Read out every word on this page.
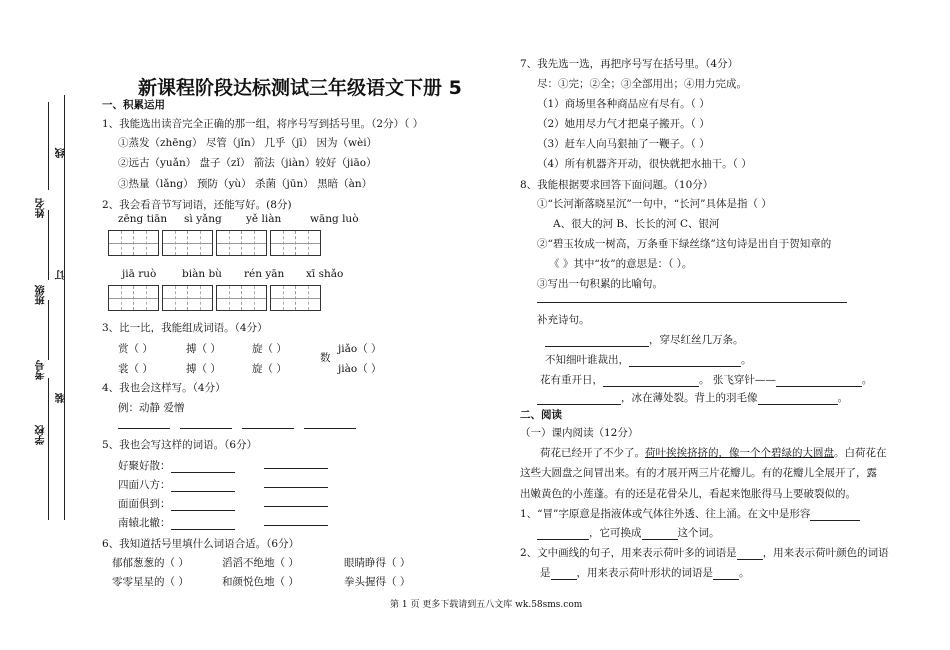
线
订
装
姓名
班级
考号
学校
新课程阶段达标测试三年级语文下册 5
一、积累运用
1、我能选出读音完全正确的那一组，将序号写到括号里。（2分）（ ）
①蒸发（zhēng） 尽管（jǐn） 几乎（jī） 因为（wèi）
②远古（yuǎn） 盘子（zǐ） 箭法（jiàn）较好（jiāo）
③热量（lǎng） 预防（yù） 杀菌（jūn） 黑暗（àn）
2、我会看音节写词语，还能写好。(8分)
zēng tiān sì yǎng yě liàn	wāng luò
jiā ruò biàn bù rén yān xī shǎo
3、比一比，我能组成词语。（4分）
赏（ ）	搏（ ）	旋（ ）
裳（ ）	搏（ ）	旋（ ）
数
jiǎo（ ）
jiào（ ）
4、我也会这样写。（4分）
例：动静 爱憎
5、我也会写这样的词语。（6分）
好聚好散：
四面八方：
面面俱到：
南辕北辙：
6、我知道括号里填什么词语合适。（6分）
郁郁葱葱的（ ）	滔滔不绝地（ ）	眼睛睁得（ ）
零零星星的（ ）	和颜悦色地（ ）	拳头握得（ ）
7、我先选一选，再把序号写在括号里。（4分）
尽：①完；②全；③全部用出；④用力完成。
（1）商场里各种商品应有尽有。（ ）
（2）她用尽力气才把桌子搬开。（ ）
（3）赶车人向马狠抽了一鞭子。（ ）
（4）所有机器齐开动，很快就把水抽干。（ ）
8、我能根据要求回答下面问题。（10分）
①“长河渐落晓星沉”一句中，“长河”具体是指（ ）
A、很大的河 B、长长的河 C、银河
②“碧玉妆成一树高，万条垂下绿丝绦”这句诗是出自于贺知章的
《 》其中“妆”的意思是：（ ）。
③写出一句积累的比喻句。
补充诗句。
，穿尽红丝几万条。
不知细叶谁裁出，	。
花有重开日，	。 张飞穿针——	。
，冰在薄处裂。背上的羽毛像	。
二、阅读
（一）课内阅读（12分）
荷花已经开了不少了。荷叶挨挨挤挤的，像一个个碧绿的大圆盘。白荷花在
这些大圆盘之间冒出来。有的才展开两三片花瓣儿。有的花瓣儿全展开了，露
出嫩黄色的小莲蓬。有的还是花骨朵儿，看起来饱胀得马上要破裂似的。
1、“冒”字原意是指液体或气体往外透、往上涌。在文中是形容
，它可换成	这个词。
2、文中画线的句子，用来表示荷叶多的词语是 ，用来表示荷叶颜色的词语
是 ，用来表示荷叶形状的词语是 。
第 1 页 更多下载请到五八文库 wk.58sms.com
